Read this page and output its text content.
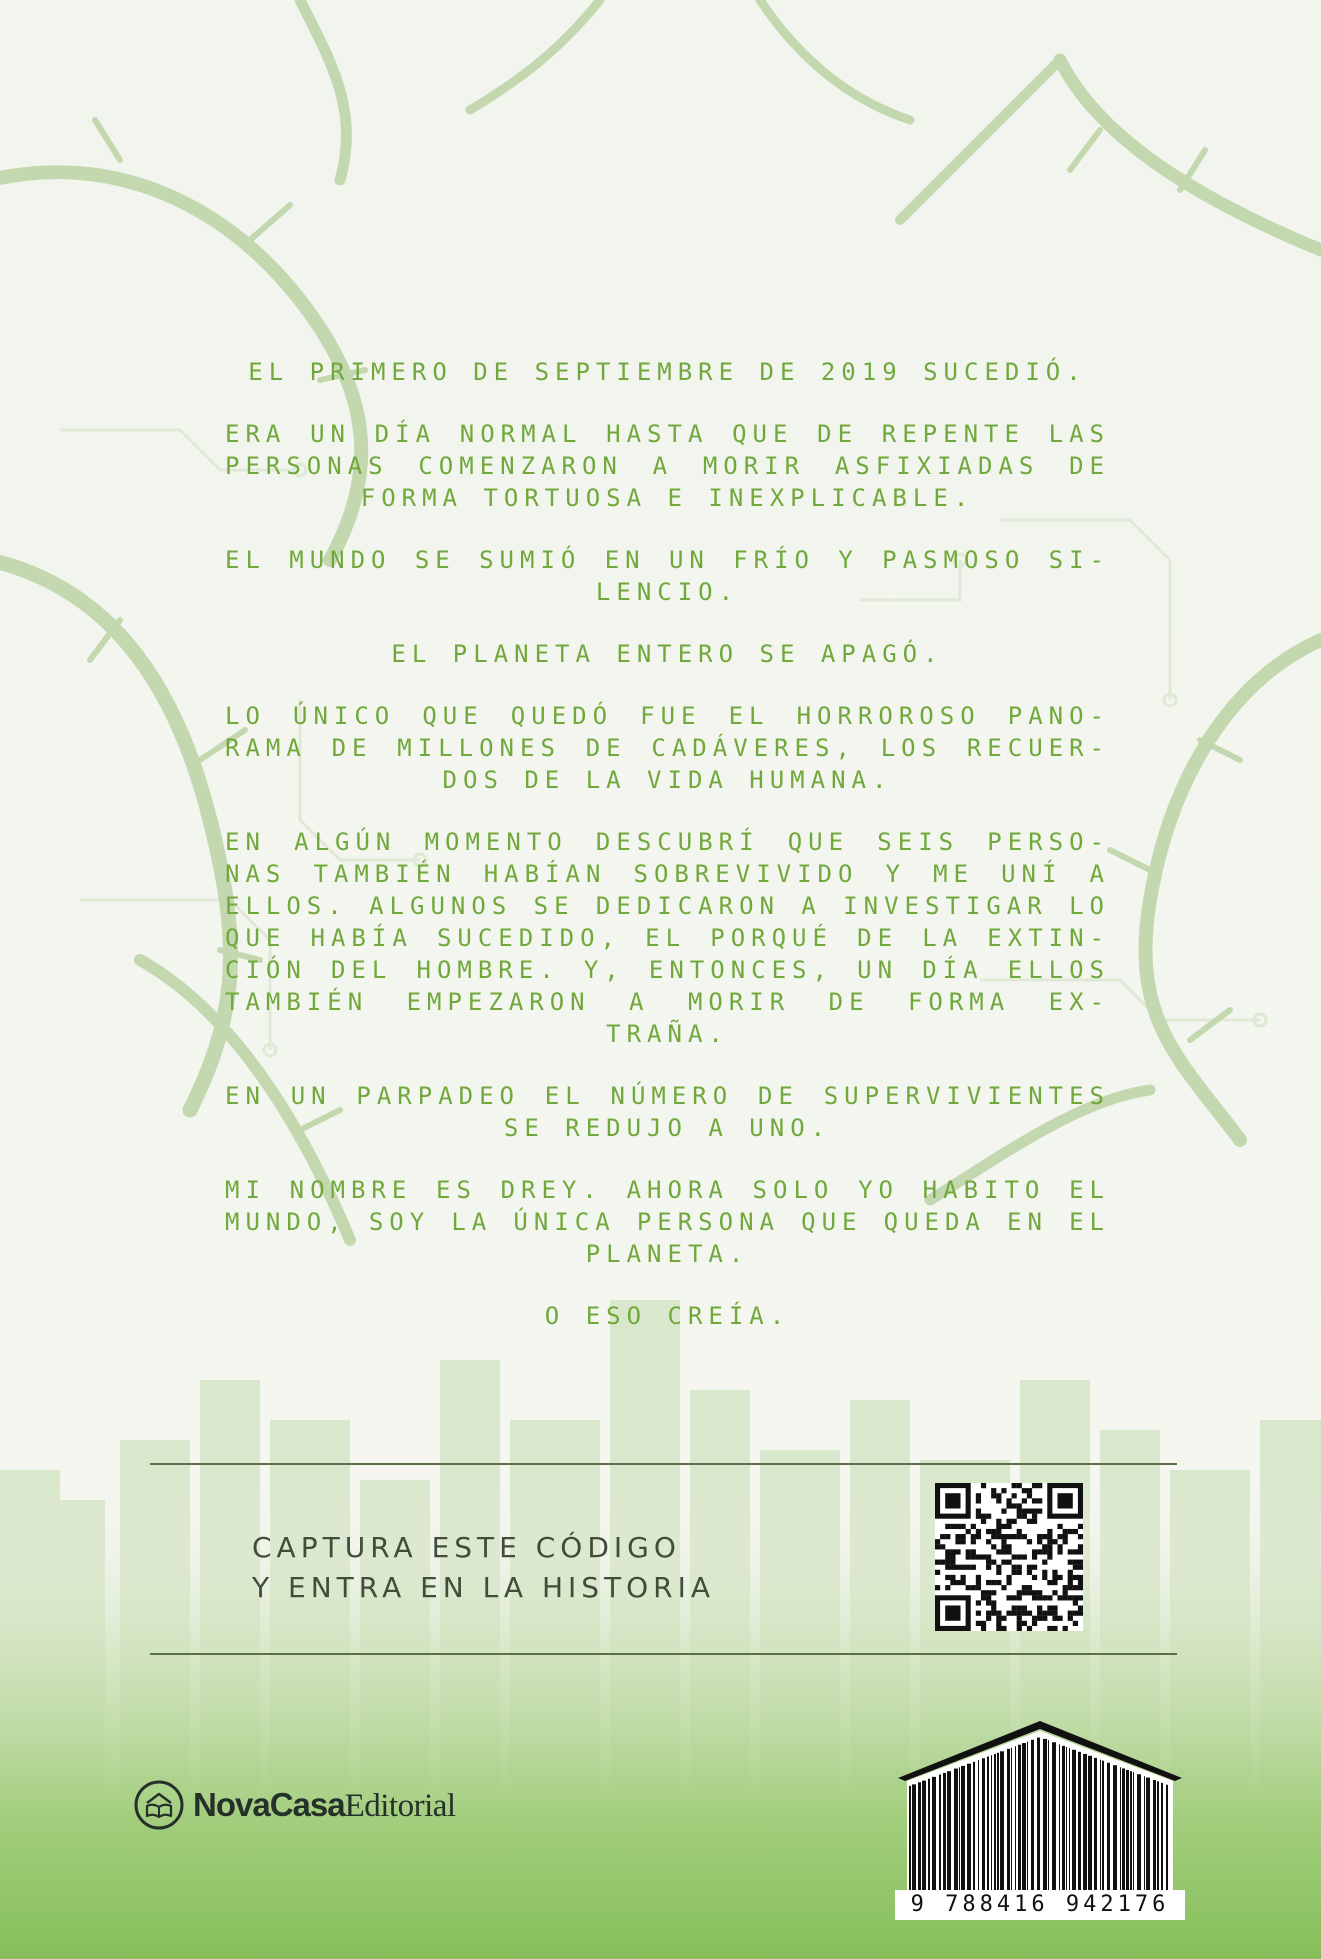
EL PRIMERO DE SEPTIEMBRE DE 2019 SUCEDIÓ.

ERA UN DÍA NORMAL HASTA QUE DE REPENTE LAS PERSONAS COMENZARON A MORIR ASFIXIADAS DE FORMA TORTUOSA E INEXPLICABLE.

EL MUNDO SE SUMIÓ EN UN FRÍO Y PASMOSO SI-LENCIO.

EL PLANETA ENTERO SE APAGÓ.

LO ÚNICO QUE QUEDÓ FUE EL HORROROSO PANO-RAMA DE MILLONES DE CADÁVERES, LOS RECUER-DOS DE LA VIDA HUMANA.

EN ALGÚN MOMENTO DESCUBRÍ QUE SEIS PERSO-NAS TAMBIÉN HABÍAN SOBREVIVIDO Y ME UNÍ A ELLOS. ALGUNOS SE DEDICARON A INVESTIGAR LO QUE HABÍA SUCEDIDO, EL PORQUÉ DE LA EXTIN-CIÓN DEL HOMBRE. Y, ENTONCES, UN DÍA ELLOS TAMBIÉN EMPEZARON A MORIR DE FORMA EX-TRAÑA.

EN UN PARPADEO EL NÚMERO DE SUPERVIVIENTES SE REDUJO A UNO.

MI NOMBRE ES DREY. AHORA SOLO YO HABITO EL MUNDO, SOY LA ÚNICA PERSONA QUE QUEDA EN EL PLANETA.

O ESO CREÍA.

CAPTURA ESTE CÓDIGO
Y ENTRA EN LA HISTORIA
NovaCasaEditorial
9 788416 942176
